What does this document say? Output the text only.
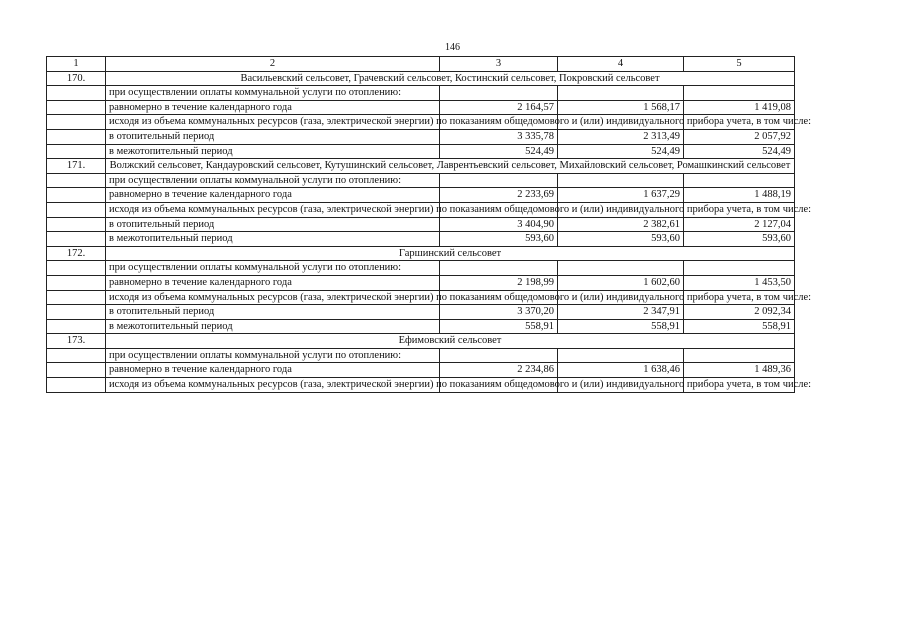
146
1	2	3	4	5
170.	Васильевский сельсовет, Грачевский сельсовет, Костинский сельсовет, Покровский сельсовет			
	при осуществлении оплаты коммунальной услуги по отоплению:			
	равномерно в течение календарного года	2 164,57	1 568,17	1 419,08
	исходя из объема коммунальных ресурсов (газа, электрической энергии) по показаниям общедомового и (или) индивидуального прибора учета, в том числе:			
	в отопительный период	3 335,78	2 313,49	2 057,92
	в межотопительный период	524,49	524,49	524,49
171.	Волжский сельсовет, Кандауровский сельсовет, Кутушинский сельсовет, Лаврентьевский сельсовет, Михайловский сельсовет, Ромашкинский сельсовет			
	при осуществлении оплаты коммунальной услуги по отоплению:			
	равномерно в течение календарного года	2 233,69	1 637,29	1 488,19
	исходя из объема коммунальных ресурсов (газа, электрической энергии) по показаниям общедомового и (или) индивидуального прибора учета, в том числе:			
	в отопительный период	3 404,90	2 382,61	2 127,04
	в межотопительный период	593,60	593,60	593,60
172.	Гаршинский сельсовет			
	при осуществлении оплаты коммунальной услуги по отоплению:			
	равномерно в течение календарного года	2 198,99	1 602,60	1 453,50
	исходя из объема коммунальных ресурсов (газа, электрической энергии) по показаниям общедомового и (или) индивидуального прибора учета, в том числе:			
	в отопительный период	3 370,20	2 347,91	2 092,34
	в межотопительный период	558,91	558,91	558,91
173.	Ефимовский сельсовет			
	при осуществлении оплаты коммунальной услуги по отоплению:			
	равномерно в течение календарного года	2 234,86	1 638,46	1 489,36
	исходя из объема коммунальных ресурсов (газа, электрической энергии) по показаниям общедомового и (или) индивидуального прибора учета, в том числе:			
